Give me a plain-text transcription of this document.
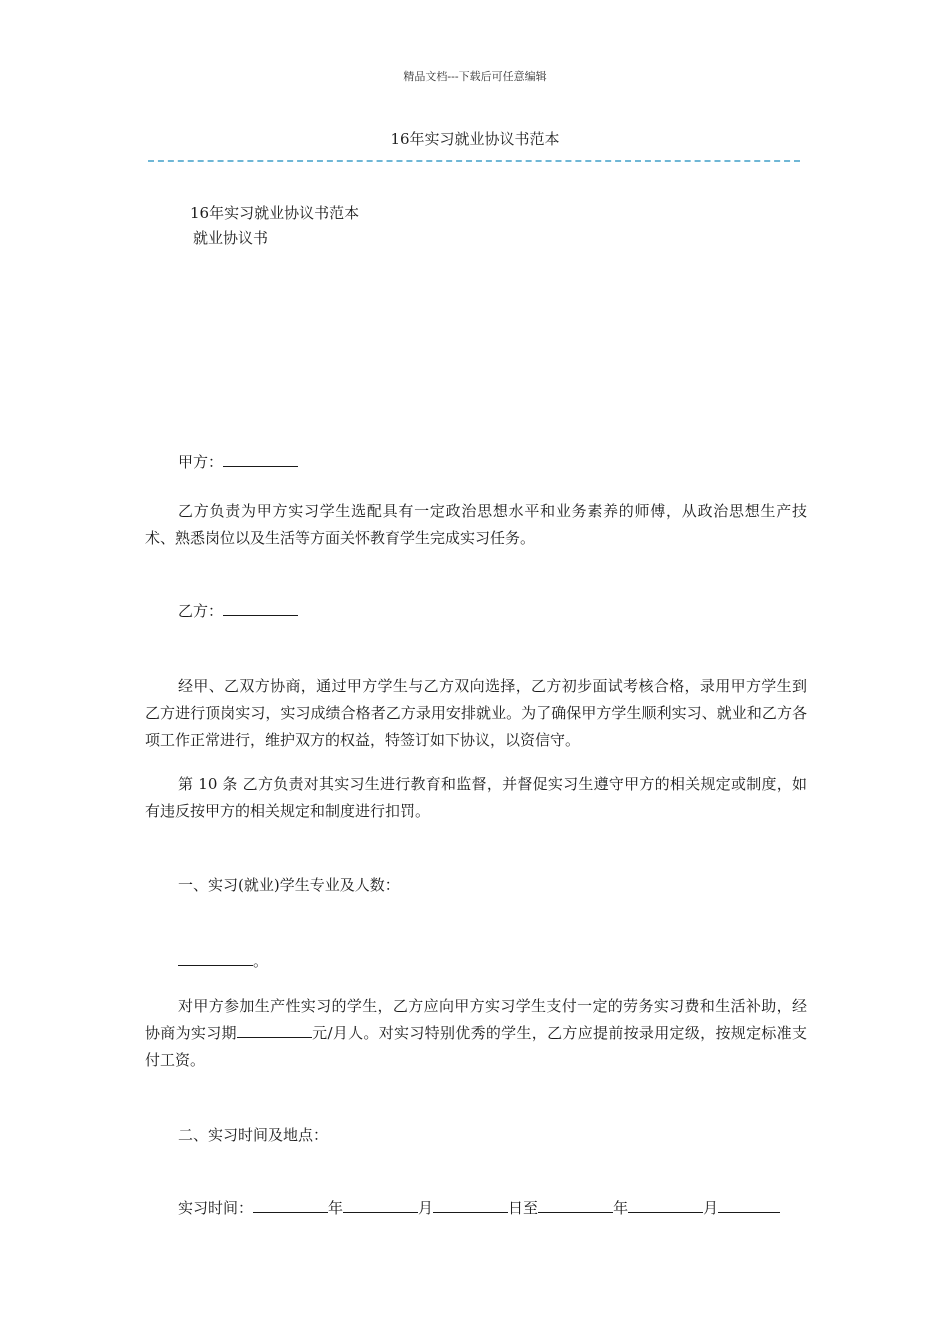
精品文档---下载后可任意编辑
16年实习就业协议书范本
16年实习就业协议书范本
就业协议书
甲方：
乙方负责为甲方实习学生选配具有一定政治思想水平和业务素养的师傅，从政治思想生产技术、熟悉岗位以及生活等方面关怀教育学生完成实习任务。
乙方：
经甲、乙双方协商，通过甲方学生与乙方双向选择，乙方初步面试考核合格，录用甲方学生到乙方进行顶岗实习，实习成绩合格者乙方录用安排就业。为了确保甲方学生顺利实习、就业和乙方各项工作正常进行，维护双方的权益，特签订如下协议，以资信守。
第 10 条 乙方负责对其实习生进行教育和监督，并督促实习生遵守甲方的相关规定或制度，如有违反按甲方的相关规定和制度进行扣罚。
一、实习(就业)学生专业及人数：
。
对甲方参加生产性实习的学生，乙方应向甲方实习学生支付一定的劳务实习费和生活补助，经协商为实习期	元/月人。对实习特别优秀的学生，乙方应提前按录用定级，按规定标准支付工资。
二、实习时间及地点：
实习时间：	年	月	日至	年	月
